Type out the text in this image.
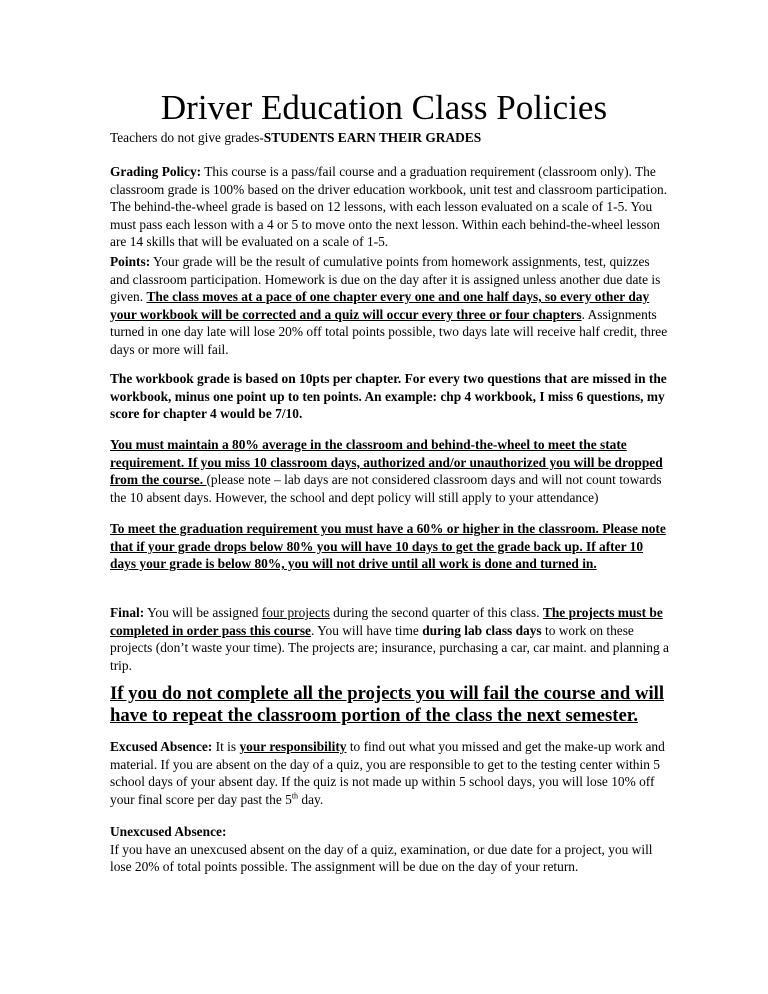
Driver Education Class Policies

Teachers do not give grades-STUDENTS EARN THEIR GRADES

Grading Policy: This course is a pass/fail course and a graduation requirement (classroom only). The classroom grade is 100% based on the driver education workbook, unit test and classroom participation. The behind-the-wheel grade is based on 12 lessons, with each lesson evaluated on a scale of 1-5. You must pass each lesson with a 4 or 5 to move onto the next lesson. Within each behind-the-wheel lesson are 14 skills that will be evaluated on a scale of 1-5.

Points: Your grade will be the result of cumulative points from homework assignments, test, quizzes and classroom participation. Homework is due on the day after it is assigned unless another due date is given. The class moves at a pace of one chapter every one and one half days, so every other day your workbook will be corrected and a quiz will occur every three or four chapters. Assignments turned in one day late will lose 20% off total points possible, two days late will receive half credit, three days or more will fail.

The workbook grade is based on 10pts per chapter. For every two questions that are missed in the workbook, minus one point up to ten points. An example: chp 4 workbook, I miss 6 questions, my score for chapter 4 would be 7/10.

You must maintain a 80% average in the classroom and behind-the-wheel to meet the state requirement. If you miss 10 classroom days, authorized and/or unauthorized you will be dropped from the course. (please note – lab days are not considered classroom days and will not count towards the 10 absent days. However, the school and dept policy will still apply to your attendance)

To meet the graduation requirement you must have a 60% or higher in the classroom. Please note that if your grade drops below 80% you will have 10 days to get the grade back up. If after 10 days your grade is below 80%, you will not drive until all work is done and turned in.

Final: You will be assigned four projects during the second quarter of this class. The projects must be completed in order pass this course. You will have time during lab class days to work on these projects (don’t waste your time). The projects are; insurance, purchasing a car, car maint. and planning a trip.

If you do not complete all the projects you will fail the course and will have to repeat the classroom portion of the class the next semester.

Excused Absence: It is your responsibility to find out what you missed and get the make-up work and material. If you are absent on the day of a quiz, you are responsible to get to the testing center within 5 school days of your absent day. If the quiz is not made up within 5 school days, you will lose 10% off your final score per day past the 5th day.

Unexcused Absence:
If you have an unexcused absent on the day of a quiz, examination, or due date for a project, you will lose 20% of total points possible. The assignment will be due on the day of your return.
